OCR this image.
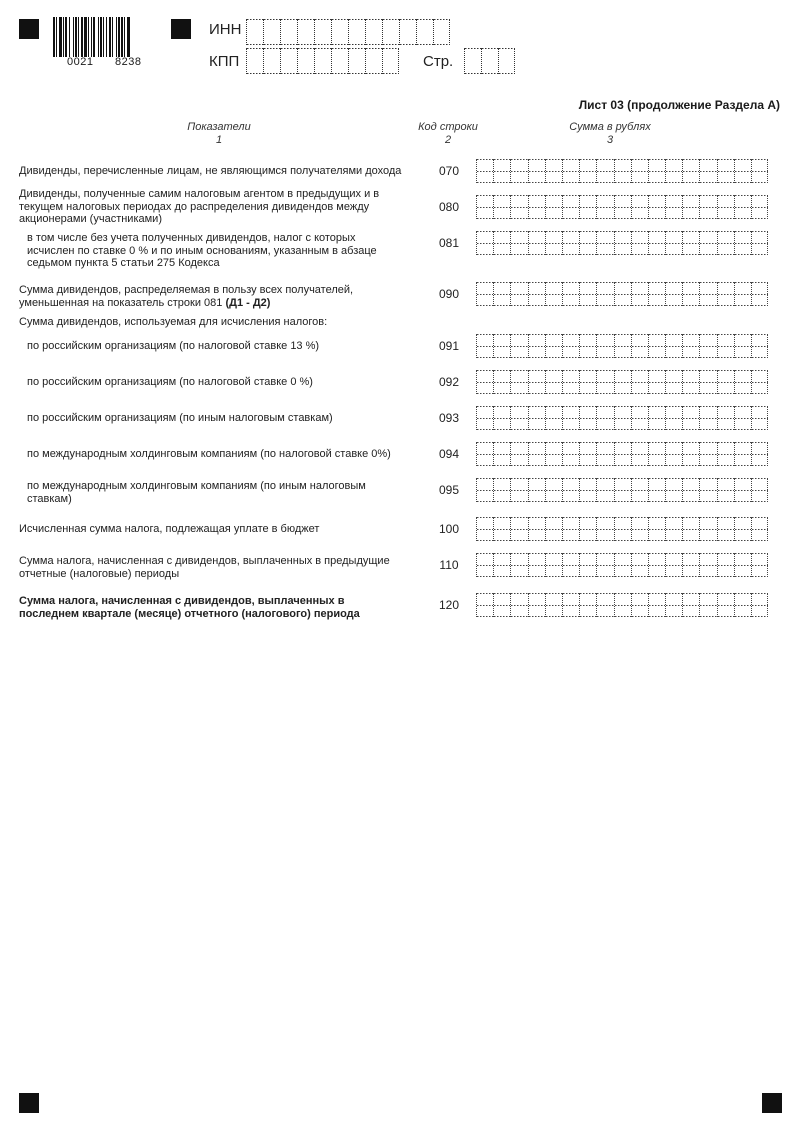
0021 8238
ИНН
КПП	Стр.
Лист 03 (продолжение Раздела А)
Показатели
1
Код строки
2
Сумма в рублях
3
Дивиденды, перечисленные лицам, не являющимся получателями дохода	070
Дивиденды, полученные самим налоговым агентом в предыдущих и в текущем налоговых периодах до распределения дивидендов между акционерами (участниками)
080
в том числе без учета полученных дивидендов, налог с которых исчислен по ставке 0 % и по иным основаниям, указанным в абзаце седьмом пункта 5 статьи 275 Кодекса
081
Сумма дивидендов, распределяемая в пользу всех получателей, уменьшенная на показатель строки 081 (Д1 - Д2)
090
Сумма дивидендов, используемая для исчисления налогов:
по российским организациям (по налоговой ставке 13 %)	091
по российским организациям (по налоговой ставке 0 %)	092
по российским организациям (по иным налоговым ставкам)	093
по международным холдинговым компаниям (по налоговой ставке 0%)	094
по международным холдинговым компаниям (по иным налоговым ставкам)
095
Исчисленная сумма налога, подлежащая уплате в бюджет	100
Сумма налога, начисленная с дивидендов, выплаченных в предыдущие отчетные (налоговые) периоды
110
Сумма налога, начисленная с дивидендов, выплаченных в последнем квартале (месяце) отчетного (налогового) периода
120
